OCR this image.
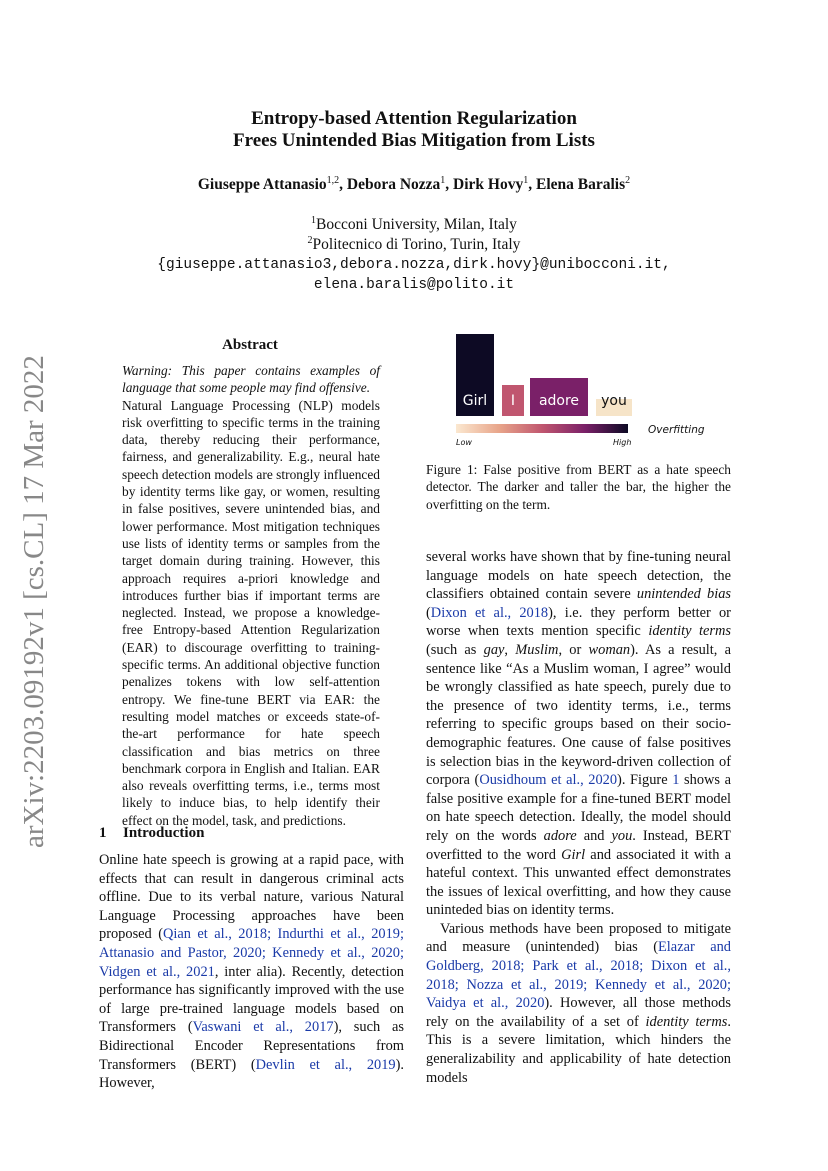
Entropy-based Attention Regularization
Frees Unintended Bias Mitigation from Lists
Giuseppe Attanasio$^{1,2}$, Debora Nozza$^1$, Dirk Hovy$^1$, Elena Baralis$^2$
$^1$Bocconi University, Milan, Italy
$^2$Politecnico di Torino, Turin, Italy
{giuseppe.attanasio3,debora.nozza,dirk.hovy}@unibocconi.it,
elena.baralis@polito.it
arXiv:2203.09192v1 [cs.CL] 17 Mar 2022
Abstract

Warning: This paper contains examples of language that some people may find offensive.

Natural Language Processing (NLP) models risk overfitting to specific terms in the training data, thereby reducing their performance, fairness, and generalizability. E.g., neural hate speech detection models are strongly influenced by identity terms like gay, or women, resulting in false positives, severe unintended bias, and lower performance. Most mitigation techniques use lists of identity terms or samples from the target domain during training. However, this approach requires a-priori knowledge and introduces further bias if important terms are neglected. Instead, we propose a knowledge-free Entropy-based Attention Regularization (EAR) to discourage overfitting to training-specific terms. An additional objective function penalizes tokens with low self-attention entropy. We fine-tune BERT via EAR: the resulting model matches or exceeds state-of-the-art performance for hate speech classification and bias metrics on three benchmark corpora in English and Italian. EAR also reveals overfitting terms, i.e., terms most likely to induce bias, to help identify their effect on the model, task, and predictions.

1 Introduction

Online hate speech is growing at a rapid pace, with effects that can result in dangerous criminal acts offline. Due to its verbal nature, various Natural Language Processing approaches have been proposed (Qian et al., 2018; Indurthi et al., 2019; Attanasio and Pastor, 2020; Kennedy et al., 2020; Vidgen et al., 2021, inter alia). Recently, detection performance has significantly improved with the use of large pre-trained language models based on Transformers (Vaswani et al., 2017), such as Bidirectional Encoder Representations from Transformers (BERT) (Devlin et al., 2019). However,

Girl	I	adore	you
Overfitting
Low	High
Figure 1: False positive from BERT as a hate speech detector. The darker and taller the bar, the higher the overfitting on the term.

several works have shown that by fine-tuning neural language models on hate speech detection, the classifiers obtained contain severe unintended bias (Dixon et al., 2018), i.e. they perform better or worse when texts mention specific identity terms (such as gay, Muslim, or woman). As a result, a sentence like “As a Muslim woman, I agree” would be wrongly classified as hate speech, purely due to the presence of two identity terms, i.e., terms referring to specific groups based on their socio-demographic features. One cause of false positives is selection bias in the keyword-driven collection of corpora (Ousidhoum et al., 2020). Figure 1 shows a false positive example for a fine-tuned BERT model on hate speech detection. Ideally, the model should rely on the words adore and you. Instead, BERT overfitted to the word Girl and associated it with a hateful context. This unwanted effect demonstrates the issues of lexical overfitting, and how they cause uninteded bias on identity terms.

Various methods have been proposed to mitigate and measure (unintended) bias (Elazar and Goldberg, 2018; Park et al., 2018; Dixon et al., 2018; Nozza et al., 2019; Kennedy et al., 2020; Vaidya et al., 2020). However, all those methods rely on the availability of a set of identity terms. This is a severe limitation, which hinders the generalizability and applicability of hate detection models
